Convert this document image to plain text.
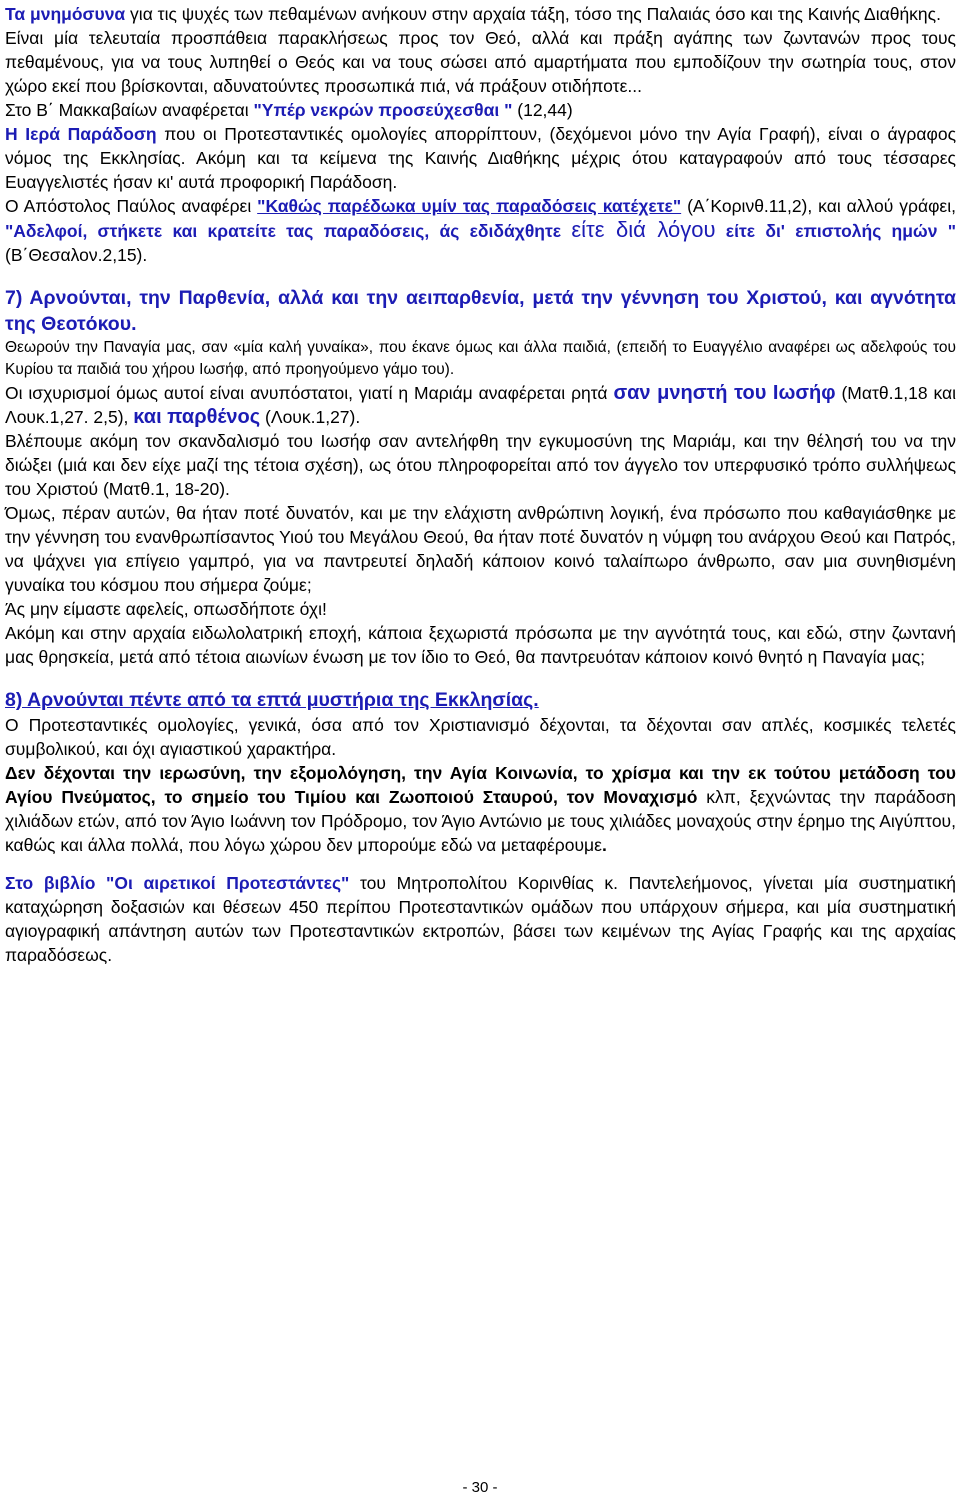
Τα μνημόσυνα για τις ψυχές των πεθαμένων ανήκουν στην αρχαία τάξη, τόσο της Παλαιάς όσο και της Καινής Διαθήκης.

Είναι μία τελευταία προσπάθεια παρακλήσεως προς τον Θεό, αλλά και πράξη αγάπης των ζωντανών προς τους πεθαμένους, για να τους λυπηθεί ο Θεός και να τους σώσει από αμαρτήματα που εμποδίζουν την σωτηρία τους, στον χώρο εκεί που βρίσκονται, αδυνατούντες προσωπικά πιά, νά πράξουν οτιδήποτε...

Στο Β΄ Μακκαβαίων αναφέρεται "Υπέρ νεκρών προσεύχεσθαι " (12,44)

Η Ιερά Παράδοση που οι Προτεσταντικές ομολογίες απορρίπτουν, (δεχόμενοι μόνο την Αγία Γραφή), είναι ο άγραφος νόμος της Εκκλησίας. Ακόμη και τα κείμενα της Καινής Διαθήκης μέχρις ότου καταγραφούν από τους τέσσαρες Ευαγγελιστές ήσαν κι' αυτά προφορική Παράδοση.

Ο Απόστολος Παύλος αναφέρει "Καθώς παρέδωκα υμίν τας παραδόσεις κατέχετε" (Α΄Κορινθ.11,2), και αλλού γράφει, "Αδελφοί, στήκετε και κρατείτε τας παραδόσεις, άς εδιδάχθητε είτε διά λόγου είτε δι' επιστολής ημών " (Β΄Θεσαλον.2,15).

7) Αρνούνται, την Παρθενία, αλλά και την αειπαρθενία, μετά την γέννηση του Χριστού, και αγνότητα της Θεοτόκου.

Θεωρούν την Παναγία μας, σαν «μία καλή γυναίκα», που έκανε όμως και άλλα παιδιά, (επειδή το Ευαγγέλιο αναφέρει ως αδελφούς του Κυρίου τα παιδιά του χήρου Ιωσήφ, από προηγούμενο γάμο του).

Οι ισχυρισμοί όμως αυτοί είναι ανυπόστατοι, γιατί η Μαριάμ αναφέρεται ρητά σαν μνηστή του Ιωσήφ (Ματθ.1,18 και Λουκ.1,27. 2,5), και παρθένος (Λουκ.1,27).

Βλέπουμε ακόμη τον σκανδαλισμό του Ιωσήφ σαν αντελήφθη την εγκυμοσύνη της Μαριάμ, και την θέλησή του να την διώξει (μιά και δεν είχε μαζί της τέτοια σχέση), ως ότου πληροφορείται από τον άγγελο τον υπερφυσικό τρόπο συλλήψεως του Χριστού (Ματθ.1, 18-20).

Όμως, πέραν αυτών, θα ήταν ποτέ δυνατόν, και με την ελάχιστη ανθρώπινη λογική, ένα πρόσωπο που καθαγιάσθηκε με την γέννηση του ενανθρωπίσαντος Υιού του Μεγάλου Θεού, θα ήταν ποτέ δυνατόν η νύμφη του ανάρχου Θεού και Πατρός, να ψάχνει για επίγειο γαμπρό, για να παντρευτεί δηλαδή κάποιον κοινό ταλαίπωρο άνθρωπο, σαν μια συνηθισμένη γυναίκα του κόσμου που σήμερα ζούμε;

Άς μην είμαστε αφελείς, οπωσδήποτε όχι!

Ακόμη και στην αρχαία ειδωλολατρική εποχή, κάποια ξεχωριστά πρόσωπα με την αγνότητά τους, και εδώ, στην ζωντανή μας θρησκεία, μετά από τέτοια αιωνίων ένωση με τον ίδιο το Θεό, θα παντρευόταν κάποιον κοινό θνητό η Παναγία μας;

8) Αρνούνται πέντε από τα επτά μυστήρια της Εκκλησίας.

Ο Προτεσταντικές ομολογίες, γενικά, όσα από τον Χριστιανισμό δέχονται, τα δέχονται σαν απλές, κοσμικές τελετές συμβολικού, και όχι αγιαστικού χαρακτήρα.

Δεν δέχονται την ιερωσύνη, την εξομολόγηση, την Αγία Κοινωνία, το χρίσμα και την εκ τούτου μετάδοση του Αγίου Πνεύματος, το σημείο του Τιμίου και Ζωοποιού Σταυρού, τον Μοναχισμό κλπ, ξεχνώντας την παράδοση χιλιάδων ετών, από τον Άγιο Ιωάννη τον Πρόδρομο, τον Άγιο Αντώνιο με τους χιλιάδες μοναχούς στην έρημο της Αιγύπτου, καθώς και άλλα πολλά, που λόγω χώρου δεν μπορούμε εδώ να μεταφέρουμε.

Στο βιβλίο "Οι αιρετικοί Προτεστάντες" του Μητροπολίτου Κορινθίας κ. Παντελεήμονος, γίνεται μία συστηματική καταχώρηση δοξασιών και θέσεων 450 περίπου Προτεσταντικών ομάδων που υπάρχουν σήμερα, και μία συστηματική αγιογραφική απάντηση αυτών των Προτεσταντικών εκτροπών, βάσει των κειμένων της Αγίας Γραφής και της αρχαίας παραδόσεως.

- 30 -
